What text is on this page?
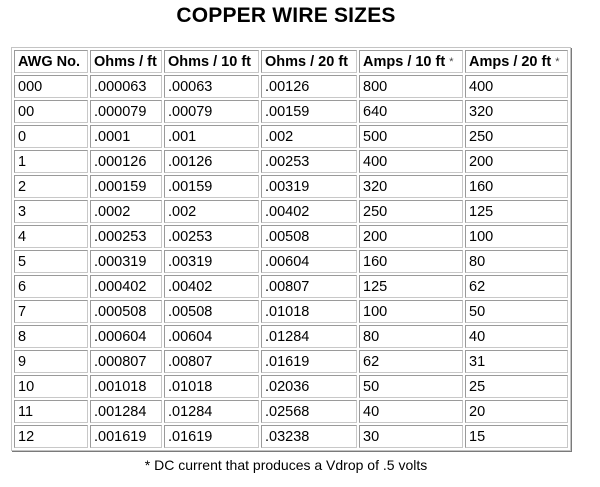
COPPER WIRE SIZES
AWG No.	Ohms / ft	Ohms / 10 ft	Ohms / 20 ft	Amps / 10 ft *	Amps / 20 ft *
000	.000063	.00063	.00126	800	400
00	.000079	.00079	.00159	640	320
0	.0001	.001	.002	500	250
1	.000126	.00126	.00253	400	200
2	.000159	.00159	.00319	320	160
3	.0002	.002	.00402	250	125
4	.000253	.00253	.00508	200	100
5	.000319	.00319	.00604	160	80
6	.000402	.00402	.00807	125	62
7	.000508	.00508	.01018	100	50
8	.000604	.00604	.01284	80	40
9	.000807	.00807	.01619	62	31
10	.001018	.01018	.02036	50	25
11	.001284	.01284	.02568	40	20
12	.001619	.01619	.03238	30	15
* DC current that produces a Vdrop of .5 volts
